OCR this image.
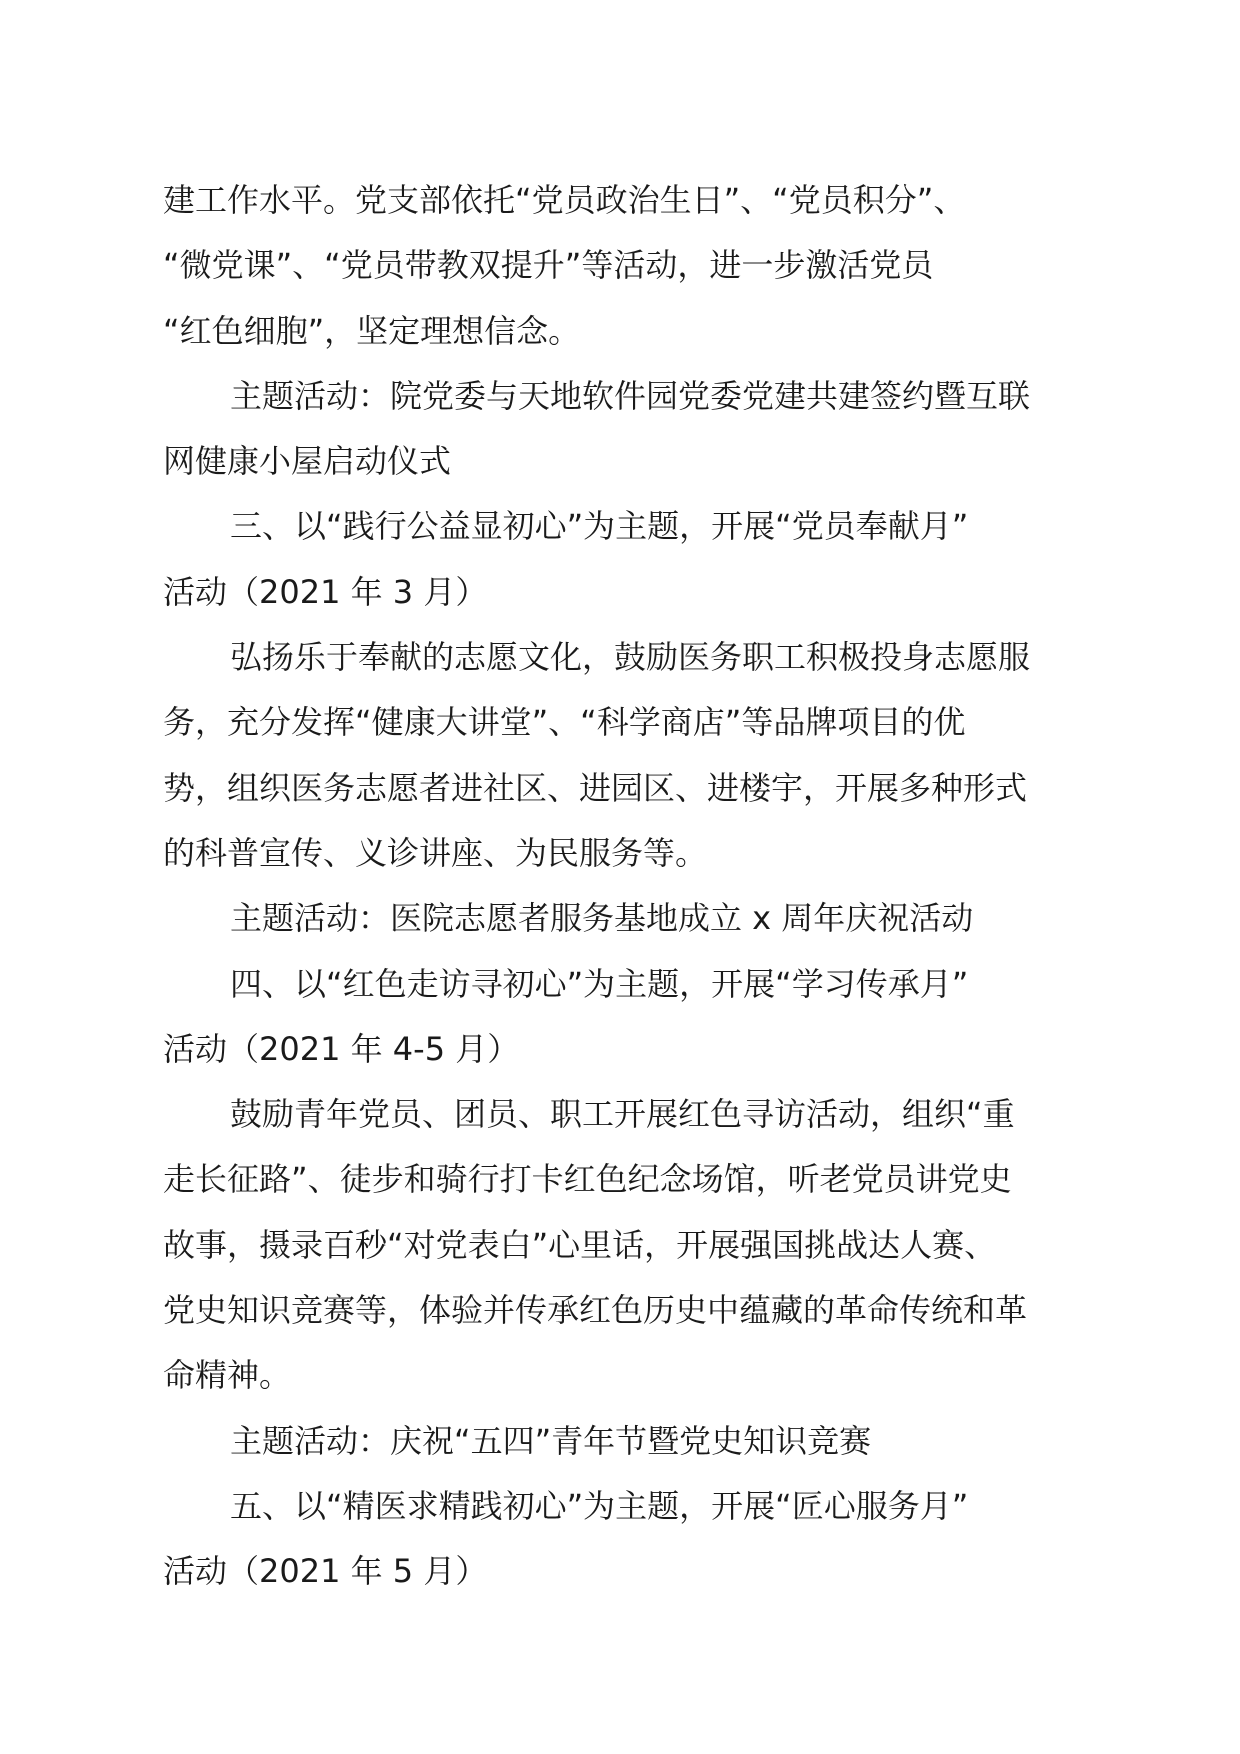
建工作水平。党支部依托“党员政治生日”、“党员积分”、
“微党课”、“党员带教双提升”等活动，进一步激活党员
“红色细胞”，坚定理想信念。
主题活动：院党委与天地软件园党委党建共建签约暨互联
网健康小屋启动仪式
三、以“践行公益显初心”为主题，开展“党员奉献月”
活动（2021 年 3 月）
弘扬乐于奉献的志愿文化，鼓励医务职工积极投身志愿服
务，充分发挥“健康大讲堂”、“科学商店”等品牌项目的优
势，组织医务志愿者进社区、进园区、进楼宇，开展多种形式
的科普宣传、义诊讲座、为民服务等。
主题活动：医院志愿者服务基地成立 x 周年庆祝活动
四、以“红色走访寻初心”为主题，开展“学习传承月”
活动（2021 年 4-5 月）
鼓励青年党员、团员、职工开展红色寻访活动，组织“重
走长征路”、徒步和骑行打卡红色纪念场馆，听老党员讲党史
故事，摄录百秒“对党表白”心里话，开展强国挑战达人赛、
党史知识竞赛等，体验并传承红色历史中蕴藏的革命传统和革
命精神。
主题活动：庆祝“五四”青年节暨党史知识竞赛
五、以“精医求精践初心”为主题，开展“匠心服务月”
活动（2021 年 5 月）
